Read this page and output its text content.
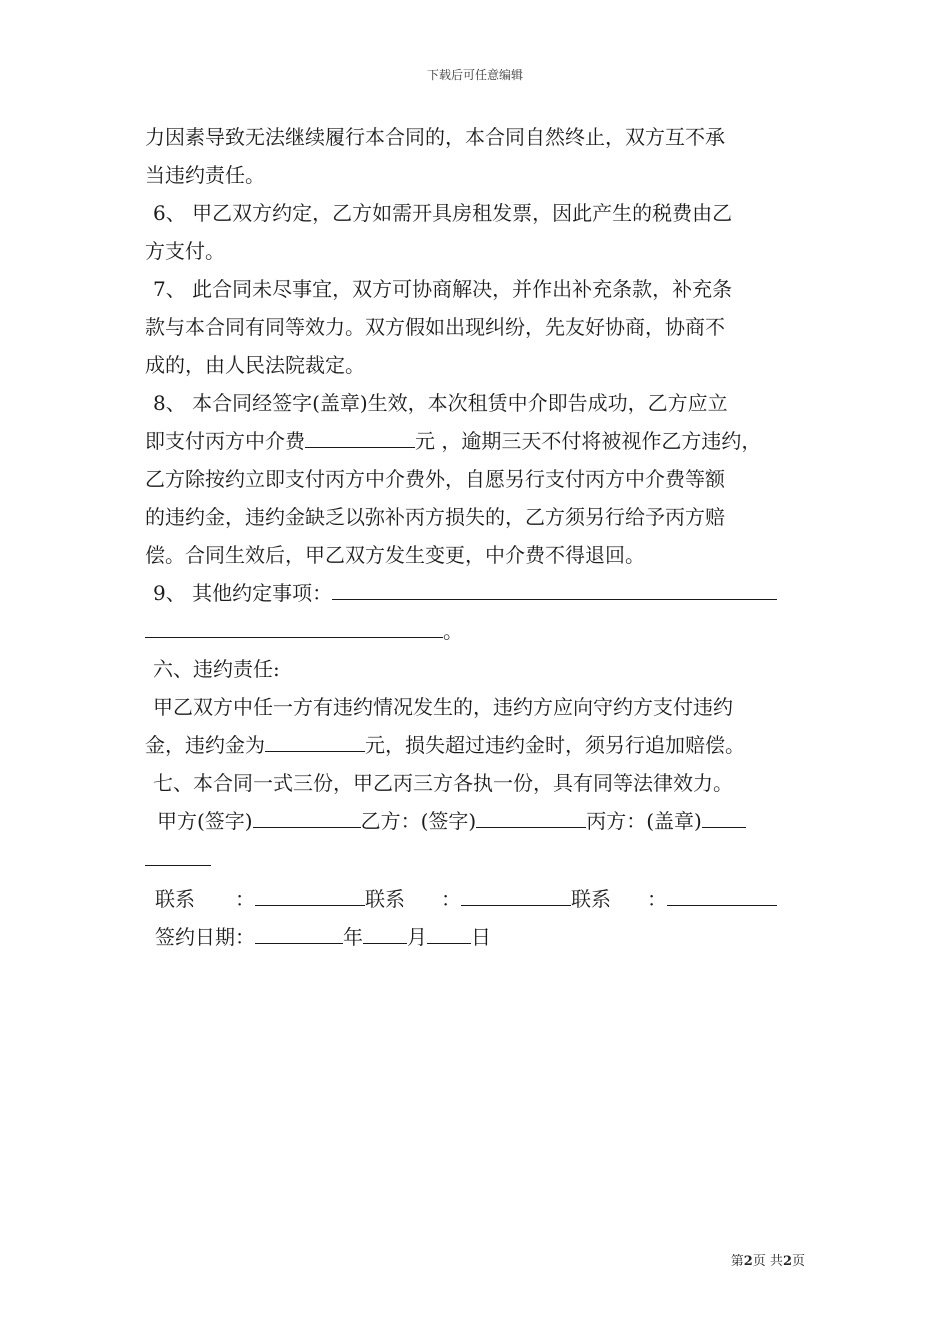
下载后可任意编辑
力因素导致无法继续履行本合同的，本合同自然终止，双方互不承
当违约责任。
6、 甲乙双方约定，乙方如需开具房租发票，因此产生的税费由乙
方支付。
7、 此合同未尽事宜，双方可协商解决，并作出补充条款，补充条
款与本合同有同等效力。双方假如出现纠纷，先友好协商，协商不
成的，由人民法院裁定。
8、 本合同经签字(盖章)生效，本次租赁中介即告成功，乙方应立
即支付丙方中介费	元 ，逾期三天不付将被视作乙方违约，
乙方除按约立即支付丙方中介费外，自愿另行支付丙方中介费等额
的违约金，违约金缺乏以弥补丙方损失的，乙方须另行给予丙方赔
偿。合同生效后，甲乙双方发生变更，中介费不得退回。
9、 其他约定事项：
。
六、违约责任:
甲乙双方中任一方有违约情况发生的，违约方应向守约方支付违约
金，违约金为	元，损失超过违约金时，须另行追加赔偿。
七、本合同一式三份，甲乙丙三方各执一份，具有同等法律效力。
甲方(签字)	乙方：(签字)	丙方：(盖章)
联系 ：	联系 ：	联系 ：
签约日期：	年 月 日
第2页 共2页
